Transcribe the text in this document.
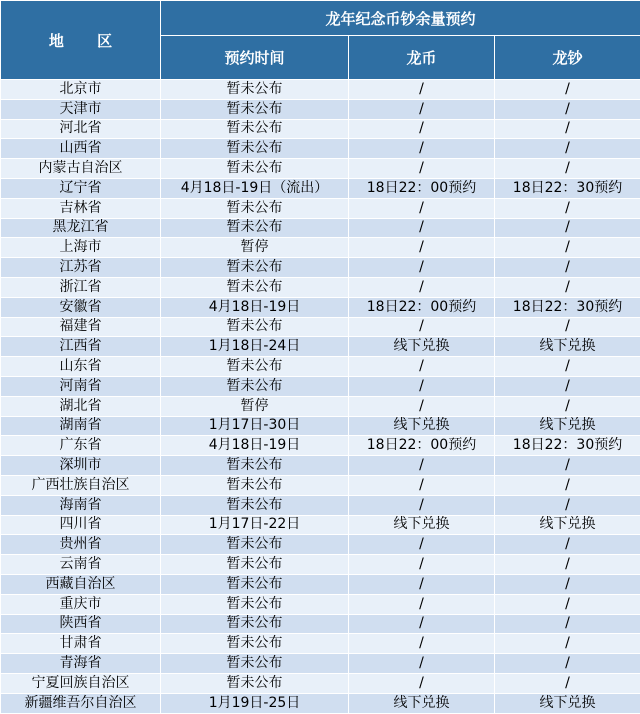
地 区	龙年纪念币钞余量预约		
	预约时间	龙币	龙钞
北京市	暂未公布	/	/
天津市	暂未公布	/	/
河北省	暂未公布	/	/
山西省	暂未公布	/	/
内蒙古自治区	暂未公布	/	/
辽宁省	4月18日-19日（流出）	18日22：00预约	18日22：30预约
吉林省	暂未公布	/	/
黑龙江省	暂未公布	/	/
上海市	暂停	/	/
江苏省	暂未公布	/	/
浙江省	暂未公布	/	/
安徽省	4月18日-19日	18日22：00预约	18日22：30预约
福建省	暂未公布	/	/
江西省	1月18日-24日	线下兑换	线下兑换
山东省	暂未公布	/	/
河南省	暂未公布	/	/
湖北省	暂停	/	/
湖南省	1月17日-30日	线下兑换	线下兑换
广东省	4月18日-19日	18日22：00预约	18日22：30预约
深圳市	暂未公布	/	/
广西壮族自治区	暂未公布	/	/
海南省	暂未公布	/	/
四川省	1月17日-22日	线下兑换	线下兑换
贵州省	暂未公布	/	/
云南省	暂未公布	/	/
西藏自治区	暂未公布	/	/
重庆市	暂未公布	/	/
陕西省	暂未公布	/	/
甘肃省	暂未公布	/	/
青海省	暂未公布	/	/
宁夏回族自治区	暂未公布	/	/
新疆维吾尔自治区	1月19日-25日	线下兑换	线下兑换
